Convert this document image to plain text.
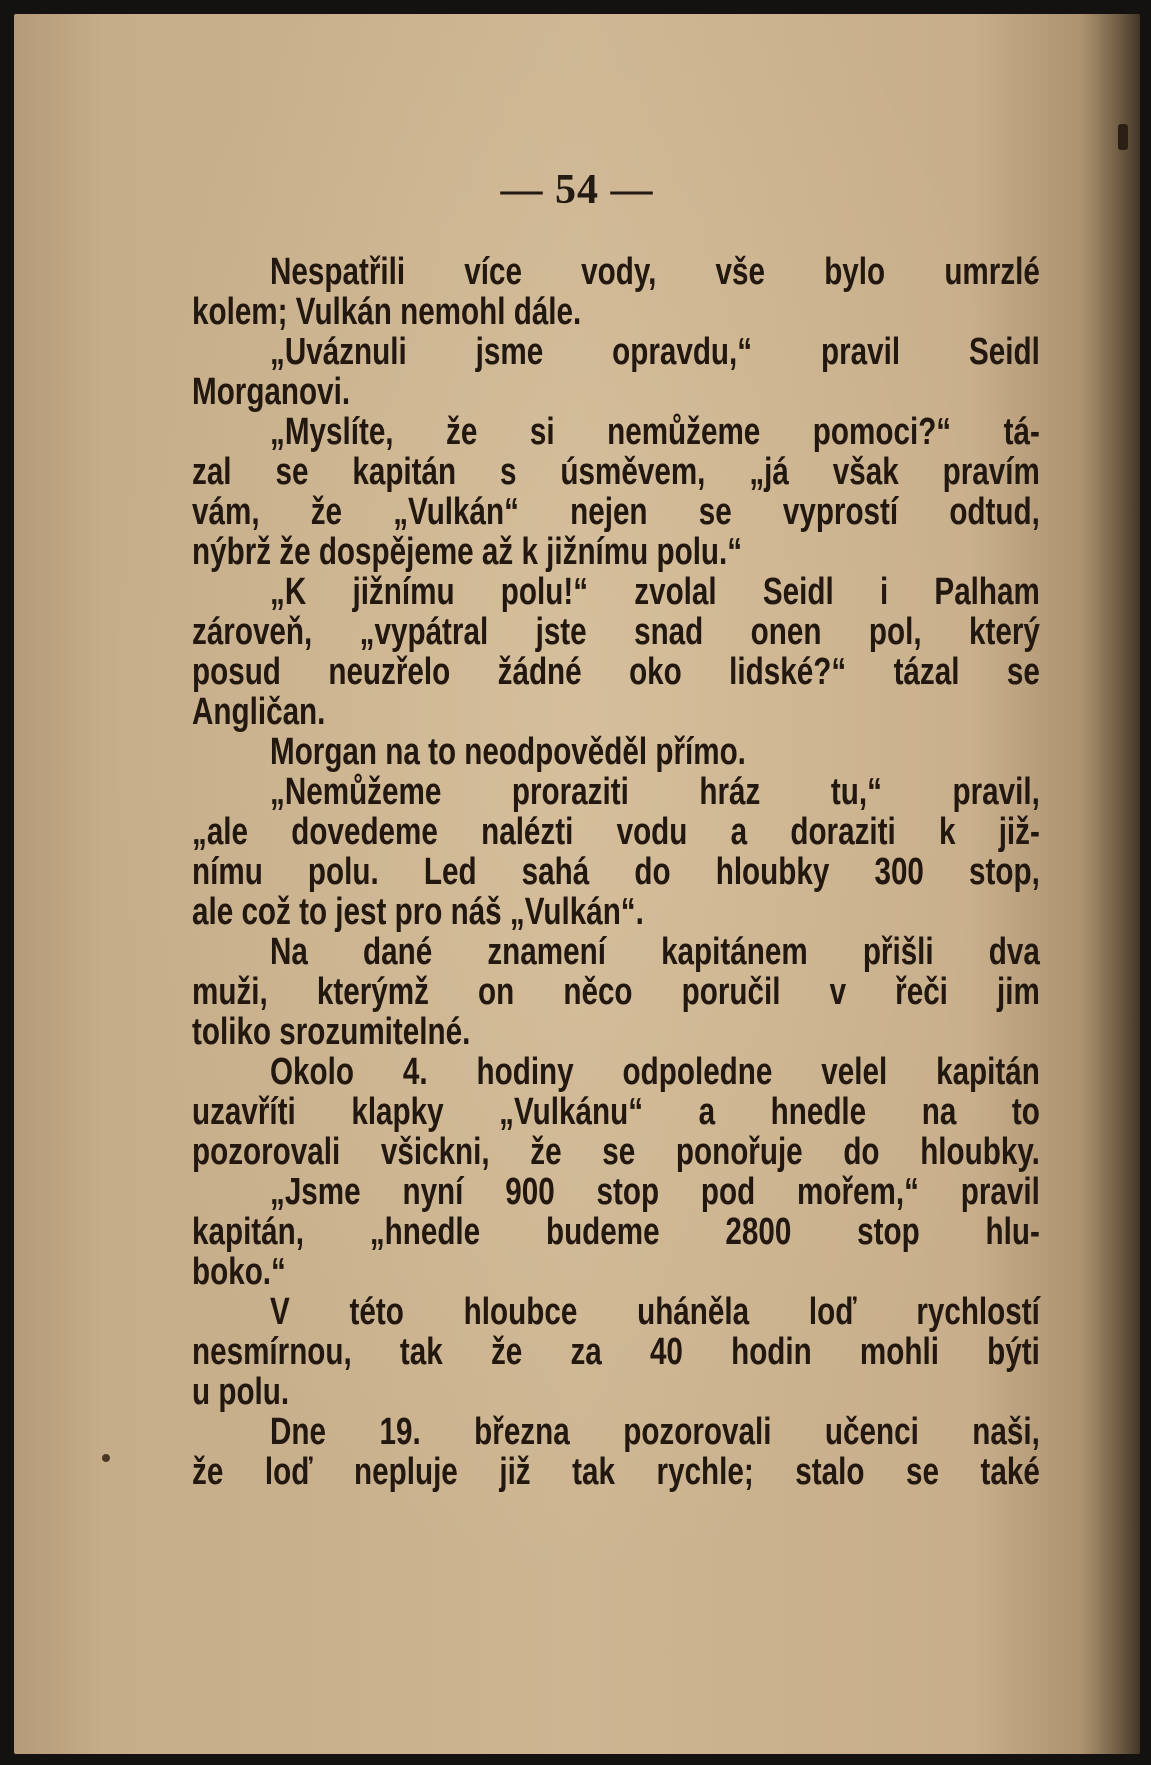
— 54 —
Nespatřili více vody, vše bylo umrzlé
kolem; Vulkán nemohl dále.
„Uváznuli jsme opravdu,“ pravil Seidl
Morganovi.
„Myslíte, že si nemůžeme pomoci?“ tá-
zal se kapitán s úsměvem, „já však pravím
vám, že „Vulkán“ nejen se vyprostí odtud,
nýbrž že dospějeme až k jižnímu polu.“
„K jižnímu polu!“ zvolal Seidl i Palham
zároveň, „vypátral jste snad onen pol, který
posud neuzřelo žádné oko lidské?“ tázal se
Angličan.
Morgan na to neodpověděl přímo.
„Nemůžeme proraziti hráz tu,“ pravil,
„ale dovedeme nalézti vodu a doraziti k již-
nímu polu. Led sahá do hloubky 300 stop,
ale což to jest pro náš „Vulkán“.
Na dané znamení kapitánem přišli dva
muži, kterýmž on něco poručil v řeči jim
toliko srozumitelné.
Okolo 4. hodiny odpoledne velel kapitán
uzavříti klapky „Vulkánu“ a hnedle na to
pozorovali všickni, že se ponořuje do hloubky.
„Jsme nyní 900 stop pod mořem,“ pravil
kapitán, „hnedle budeme 2800 stop hlu-
boko.“
V této hloubce uháněla loď rychlostí
nesmírnou, tak že za 40 hodin mohli býti
u polu.
Dne 19. března pozorovali učenci naši,
že loď nepluje již tak rychle; stalo se také
